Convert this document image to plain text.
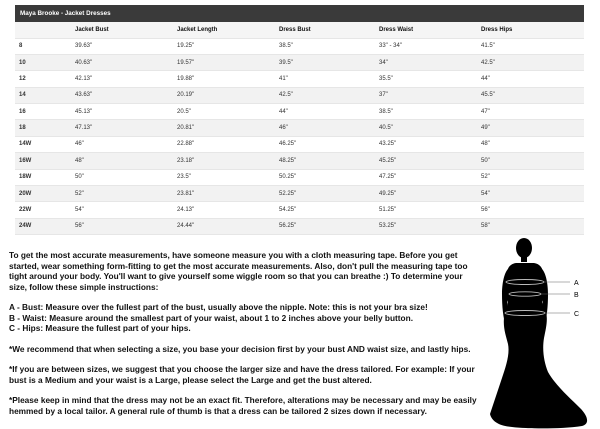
Maya Brooke - Jacket Dresses					
	Jacket Bust	Jacket Length	Dress Bust	Dress Waist	Dress Hips
8	39.63"	19.25"	38.5"	33" - 34"	41.5"
10	40.63"	19.57"	39.5"	34"	42.5"
12	42.13"	19.88"	41"	35.5"	44"
14	43.63"	20.19"	42.5"	37"	45.5"
16	45.13"	20.5"	44"	38.5"	47"
18	47.13"	20.81"	46"	40.5"	49"
14W	46"	22.88"	46.25"	43.25"	48"
16W	48"	23.18"	48.25"	45.25"	50"
18W	50"	23.5"	50.25"	47.25"	52"
20W	52"	23.81"	52.25"	49.25"	54"
22W	54"	24.13"	54.25"	51.25"	56"
24W	56"	24.44"	56.25"	53.25"	58"

To get the most accurate measurements, have someone measure you with a cloth measuring tape. Before you get

started, wear something form-fitting to get the most accurate measurements. Also, don't pull the measuring tape too

tight around your body. You'll want to give yourself some wiggle room so that you can breathe :) To determine your

size, follow these simple instructions:

A - Bust: Measure over the fullest part of the bust, usually above the nipple. Note: this is not your bra size!

B - Waist: Measure around the smallest part of your waist, about 1 to 2 inches above your belly button.

C - Hips: Measure the fullest part of your hips.

*We recommend that when selecting a size, you base your decision first by your bust AND waist size, and lastly hips.

*If you are between sizes, we suggest that you choose the larger size and have the dress tailored. For example: If your

bust is a Medium and your waist is a Large, please select the Large and get the bust altered.

*Please keep in mind that the dress may not be an exact fit. Therefore, alterations may be necessary and may be easily

hemmed by a local tailor. A general rule of thumb is that a dress can be tailored 2 sizes down if necessary.

A
B
C
